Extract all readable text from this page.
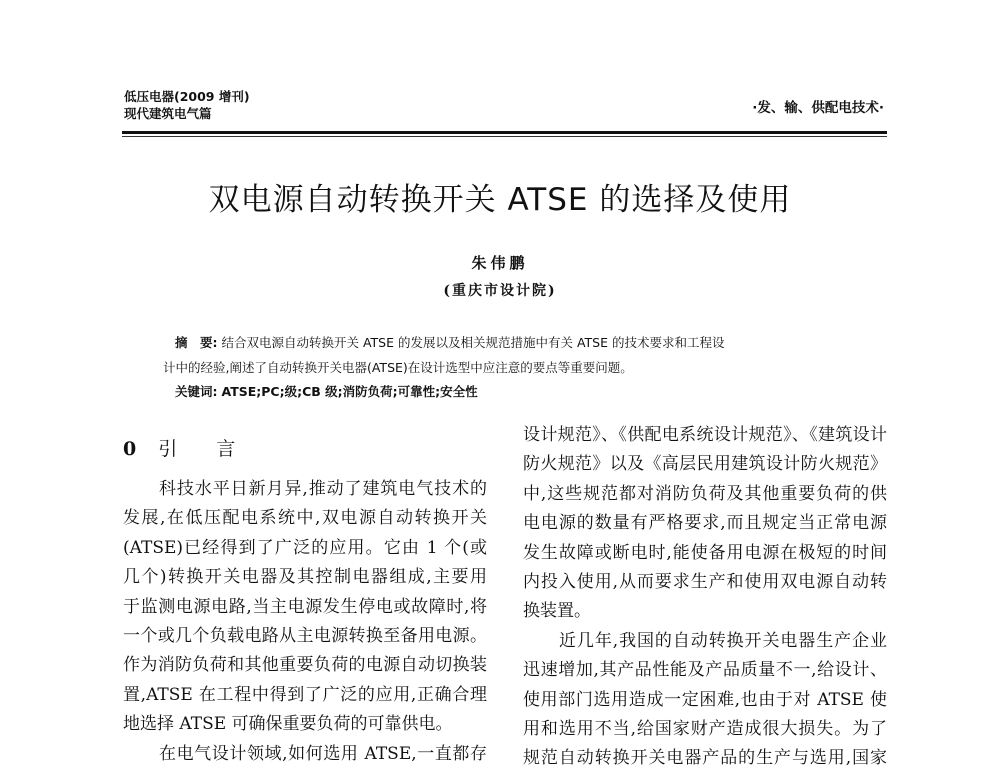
低压电器(2009 增刊)
现代建筑电气篇	·发、输、供配电技术·
双电源自动转换开关 ATSE 的选择及使用
朱伟鹏
(重庆市设计院)
摘　要: 结合双电源自动转换开关 ATSE 的发展以及相关规范措施中有关 ATSE 的技术要求和工程设
计中的经验,阐述了自动转换开关电器(ATSE)在设计选型中应注意的要点等重要问题。
关键词: ATSE;PC;级;CB 级;消防负荷;可靠性;安全性
0 引　言
科技水平日新月异,推动了建筑电气技术的
发展,在低压配电系统中,双电源自动转换开关
(ATSE)已经得到了广泛的应用。它由 1 个(或
几个)转换开关电器及其控制电器组成,主要用
于监测电源电路,当主电源发生停电或故障时,将
一个或几个负载电路从主电源转换至备用电源。
作为消防负荷和其他重要负荷的电源自动切换装
置,ATSE 在工程中得到了广泛的应用,正确合理
地选择 ATSE 可确保重要负荷的可靠供电。
在电气设计领域,如何选用 ATSE,一直都存
设计规范》、《供配电系统设计规范》、《建筑设计
防火规范》以及《高层民用建筑设计防火规范》
中,这些规范都对消防负荷及其他重要负荷的供
电电源的数量有严格要求,而且规定当正常电源
发生故障或断电时,能使备用电源在极短的时间
内投入使用,从而要求生产和使用双电源自动转
换装置。
近几年,我国的自动转换开关电器生产企业
迅速增加,其产品性能及产品质量不一,给设计、
使用部门选用造成一定困难,也由于对 ATSE 使
用和选用不当,给国家财产造成很大损失。为了
规范自动转换开关电器产品的生产与选用,国家
